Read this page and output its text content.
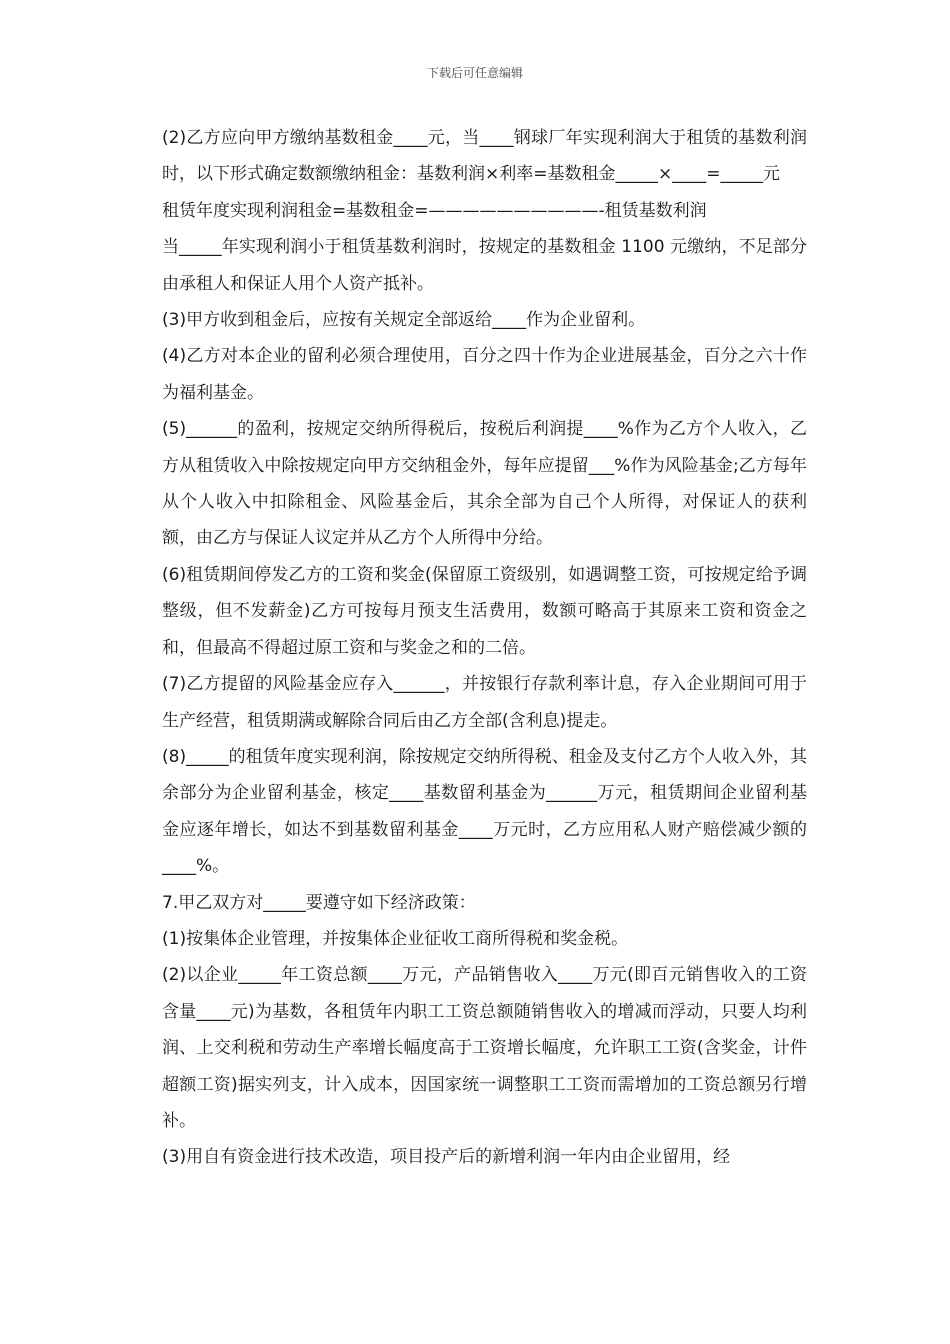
下载后可任意编辑

(2)乙方应向甲方缴纳基数租金____元，当____钢球厂年实现利润大于租赁的基数利润时，以下形式确定数额缴纳租金：基数利润×利率=基数租金_____×____=_____元

租赁年度实现利润租金=基数租金=——————————-租赁基数利润

当_____年实现利润小于租赁基数利润时，按规定的基数租金 1100 元缴纳，不足部分由承租人和保证人用个人资产抵补。

(3)甲方收到租金后，应按有关规定全部返给____作为企业留利。

(4)乙方对本企业的留利必须合理使用，百分之四十作为企业进展基金，百分之六十作为福利基金。

(5)______的盈利，按规定交纳所得税后，按税后利润提____%作为乙方个人收入，乙方从租赁收入中除按规定向甲方交纳租金外，每年应提留___%作为风险基金;乙方每年从个人收入中扣除租金、风险基金后，其余全部为自己个人所得，对保证人的获利额，由乙方与保证人议定并从乙方个人所得中分给。

(6)租赁期间停发乙方的工资和奖金(保留原工资级别，如遇调整工资，可按规定给予调整级，但不发薪金)乙方可按每月预支生活费用，数额可略高于其原来工资和资金之和，但最高不得超过原工资和与奖金之和的二倍。

(7)乙方提留的风险基金应存入______，并按银行存款利率计息，存入企业期间可用于生产经营，租赁期满或解除合同后由乙方全部(含利息)提走。

(8)_____的租赁年度实现利润，除按规定交纳所得税、租金及支付乙方个人收入外，其余部分为企业留利基金，核定____基数留利基金为______万元，租赁期间企业留利基金应逐年增长，如达不到基数留利基金____万元时，乙方应用私人财产赔偿减少额的____%。

7.甲乙双方对_____要遵守如下经济政策：

(1)按集体企业管理，并按集体企业征收工商所得税和奖金税。

(2)以企业_____年工资总额____万元，产品销售收入____万元(即百元销售收入的工资含量____元)为基数，各租赁年内职工工资总额随销售收入的增减而浮动，只要人均利润、上交利税和劳动生产率增长幅度高于工资增长幅度，允许职工工资(含奖金，计件超额工资)据实列支，计入成本，因国家统一调整职工工资而需增加的工资总额另行增补。

(3)用自有资金进行技术改造，项目投产后的新增利润一年内由企业留用，经
